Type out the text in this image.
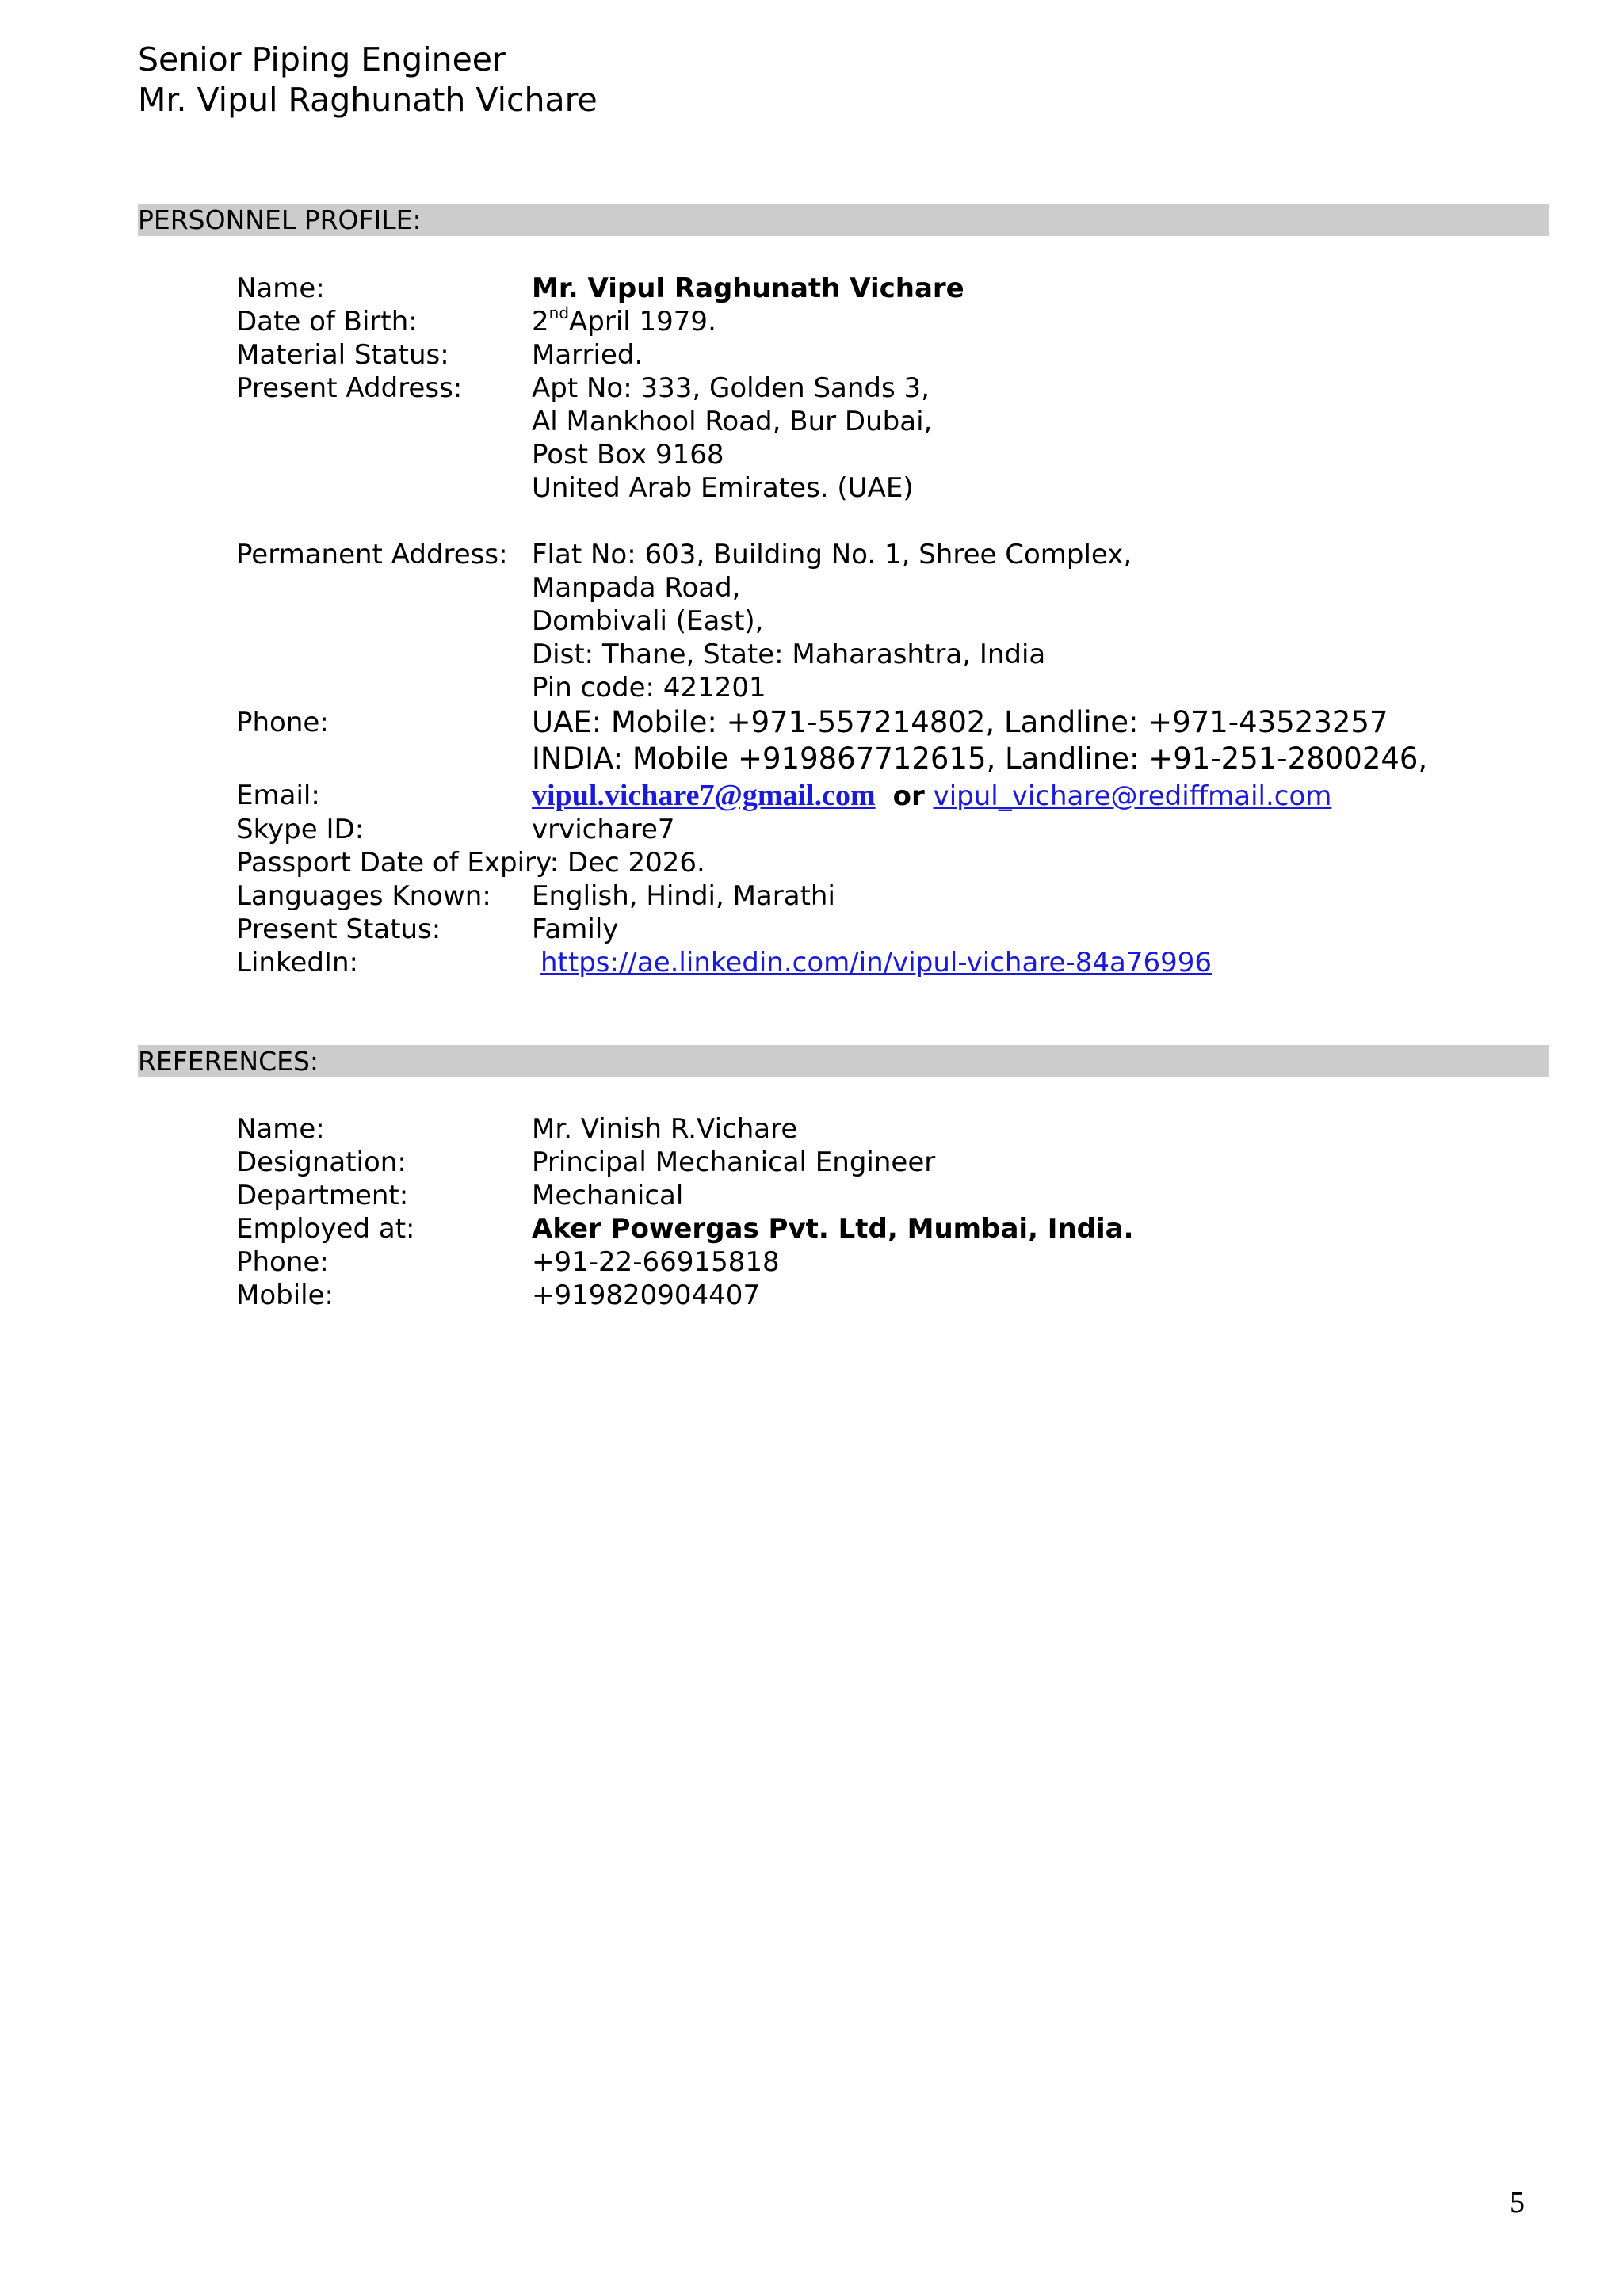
Senior Piping Engineer
Mr. Vipul Raghunath Vichare
PERSONNEL PROFILE:
Name:	Mr. Vipul Raghunath Vichare
Date of Birth:	2ndApril 1979.
Material Status:	Married.
Present Address:	Apt No: 333, Golden Sands 3,
Al Mankhool Road, Bur Dubai,
Post Box 9168
United Arab Emirates. (UAE)
Permanent Address: Flat No: 603, Building No. 1, Shree Complex,
Manpada Road,
Dombivali (East),
Dist: Thane, State: Maharashtra, India
Pin code: 421201
Phone:	UAE: Mobile: +971-557214802, Landline: +971-43523257
INDIA: Mobile +919867712615, Landline: +91-251-2800246,
Email:	vipul.vichare7@gmail.com or vipul_vichare@rediffmail.com
Skype ID:	vrvichare7
Passport Date of Expiry: Dec 2026.
Languages Known: English, Hindi, Marathi
Present Status:	Family
LinkedIn:	https://ae.linkedin.com/in/vipul-vichare-84a76996
REFERENCES:
Name:	Mr. Vinish R.Vichare
Designation:	Principal Mechanical Engineer
Department:	Mechanical
Employed at:	Aker Powergas Pvt. Ltd, Mumbai, India.
Phone:	+91-22-66915818
Mobile:	+919820904407
5
